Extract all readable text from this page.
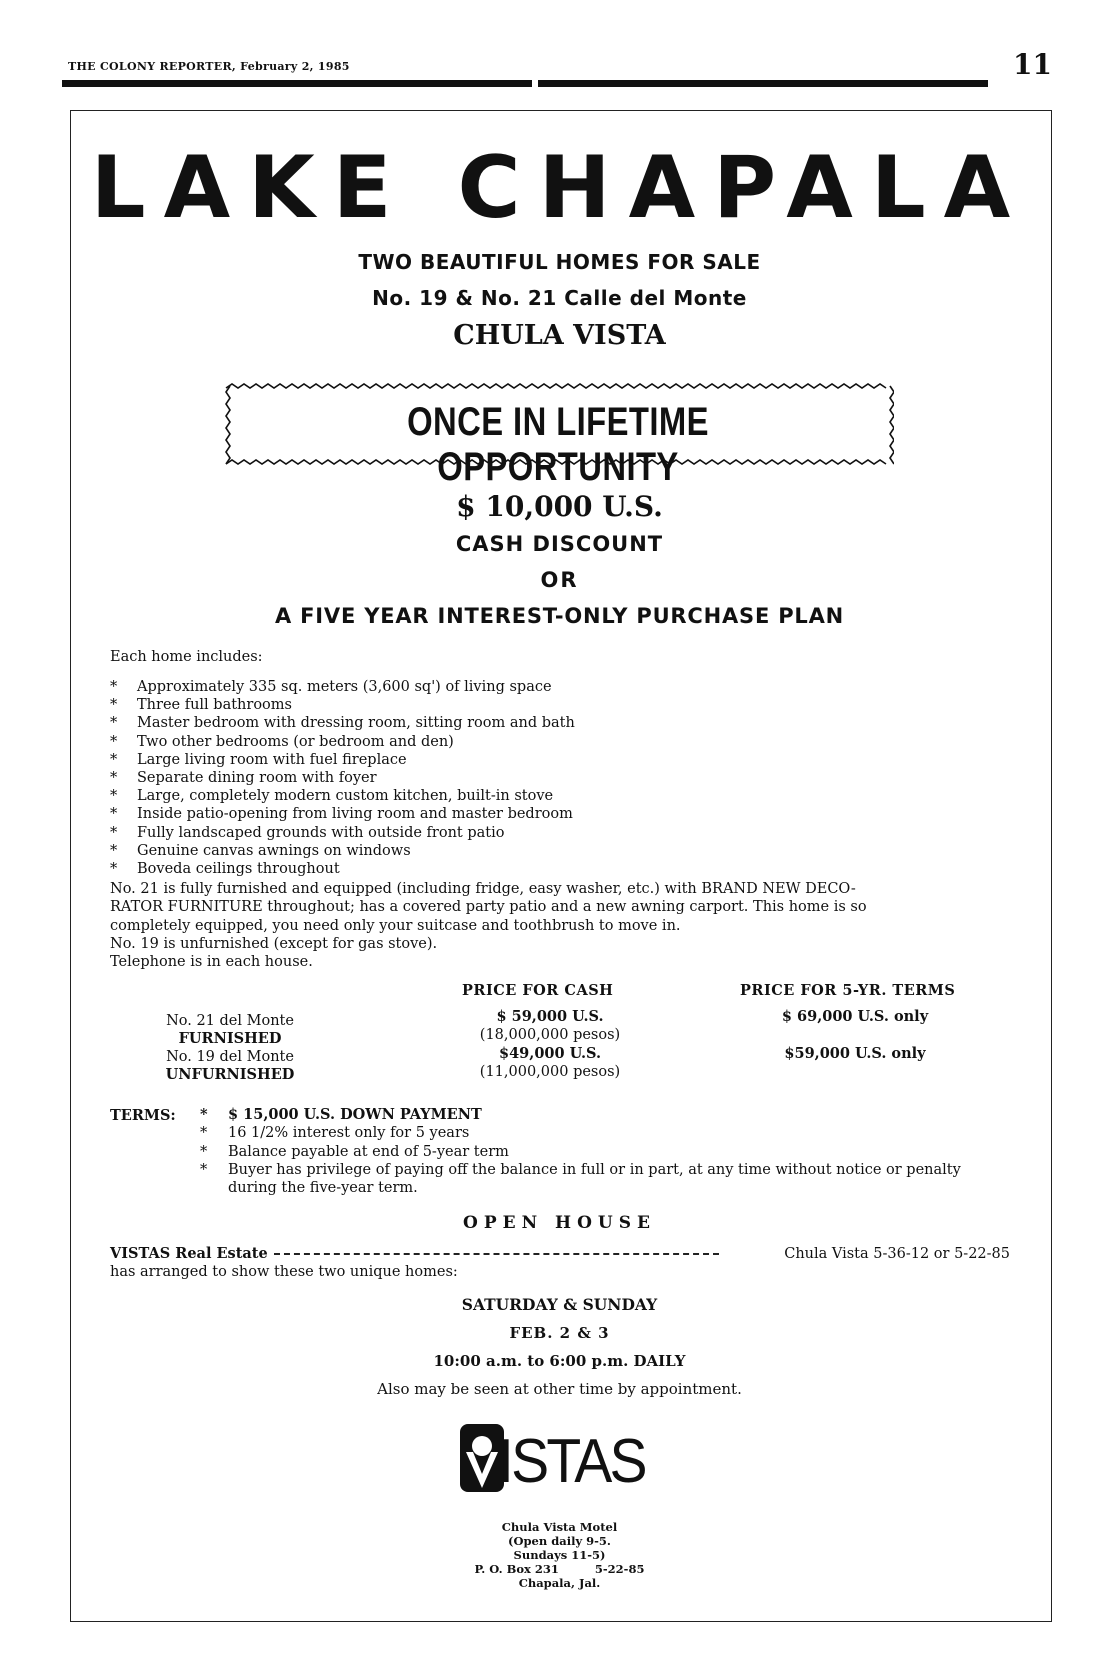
THE COLONY REPORTER, February 2, 1985	11
LAKE CHAPALA
TWO BEAUTIFUL HOMES FOR SALE
No. 19 & No. 21 Calle del Monte
CHULA VISTA
ONCE IN LIFETIME OPPORTUNITY
$ 10,000 U.S.
CASH DISCOUNT
OR
A FIVE YEAR INTEREST-ONLY PURCHASE PLAN
Each home includes:
* Approximately 335 sq. meters (3,600 sq') of living space
* Three full bathrooms
* Master bedroom with dressing room, sitting room and bath
* Two other bedrooms (or bedroom and den)
* Large living room with fuel fireplace
* Separate dining room with foyer
* Large, completely modern custom kitchen, built-in stove
* Inside patio-opening from living room and master bedroom
* Fully landscaped grounds with outside front patio
* Genuine canvas awnings on windows
* Boveda ceilings throughout
No. 21 is fully furnished and equipped (including fridge, easy washer, etc.) with BRAND NEW DECO-
RATOR FURNITURE throughout; has a covered party patio and a new awning carport. This home is so
completely equipped, you need only your suitcase and toothbrush to move in.
No. 19 is unfurnished (except for gas stove).
Telephone is in each house.
PRICE FOR CASH	PRICE FOR 5-YR. TERMS
No. 21 del Monte
FURNISHED
No. 19 del Monte
UNFURNISHED
$ 59,000 U.S.
(18,000,000 pesos)
$49,000 U.S.
(11,000,000 pesos)
$ 69,000 U.S. only
$59,000 U.S. only
TERMS:
*	$ 15,000 U.S. DOWN PAYMENT
* 16 1/2% interest only for 5 years
* Balance payable at end of 5-year term
* Buyer has privilege of paying off the balance in full or in part, at any time without notice or penalty during the five-year term.
OPEN HOUSE
VISTAS Real Estate	Chula Vista 5-36-12 or 5-22-85
has arranged to show these two unique homes:
SATURDAY & SUNDAY
FEB. 2 & 3
10:00 a.m. to 6:00 p.m. DAILY
Also may be seen at other time by appointment.
ISTAS
Chula Vista Motel
(Open daily 9-5.
Sundays 11-5)
P. O. Box 231	5-22-85
Chapala, Jal.
